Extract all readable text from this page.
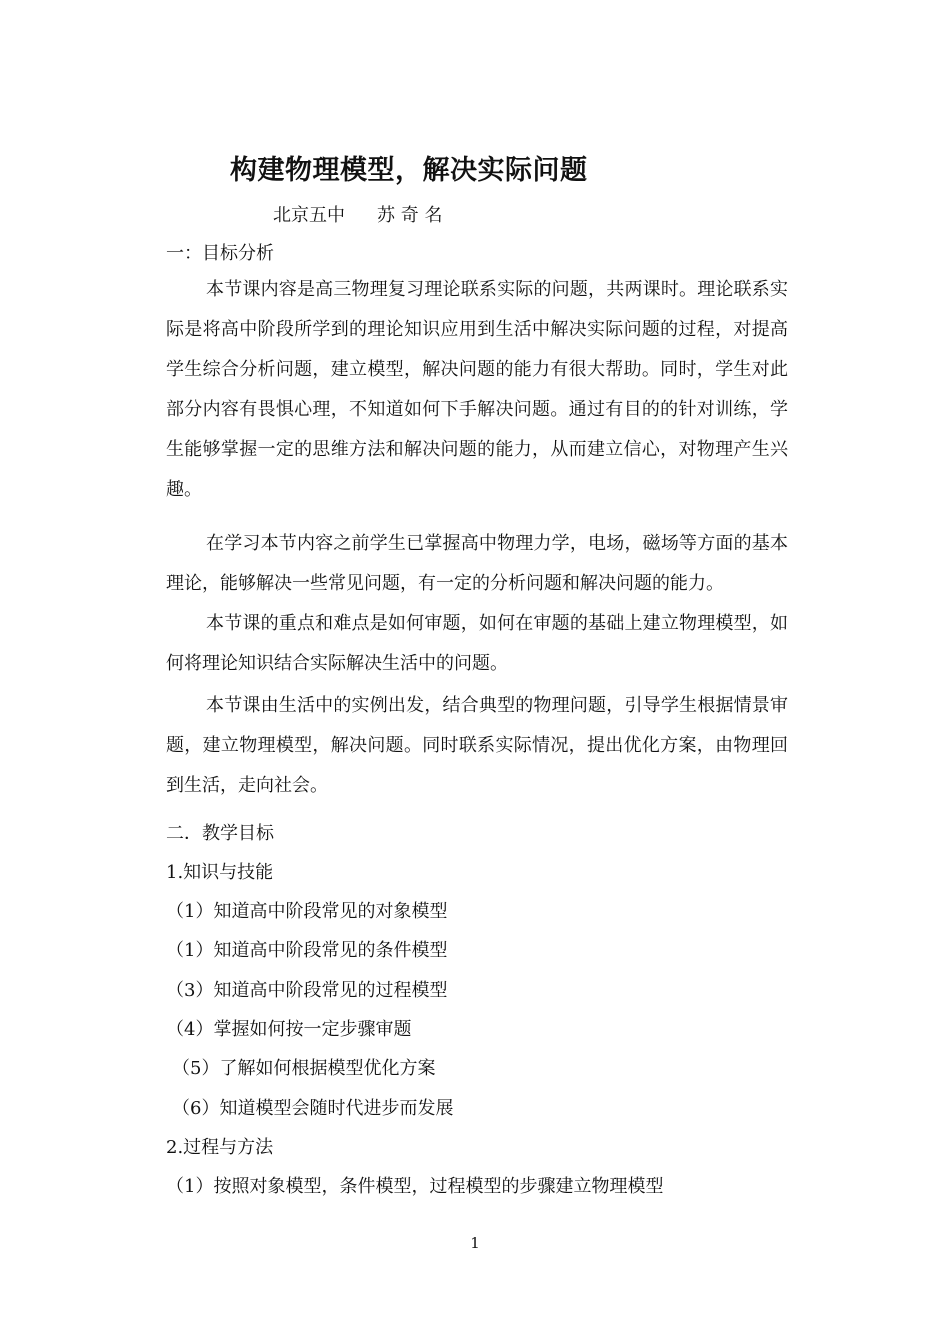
构建物理模型，解决实际问题
北京五中 苏 奇 名
一：目标分析
本节课内容是高三物理复习理论联系实际的问题，共两课时。理论联系实际是将高中阶段所学到的理论知识应用到生活中解决实际问题的过程，对提高学生综合分析问题，建立模型，解决问题的能力有很大帮助。同时，学生对此部分内容有畏惧心理，不知道如何下手解决问题。通过有目的的针对训练，学生能够掌握一定的思维方法和解决问题的能力，从而建立信心，对物理产生兴趣。
在学习本节内容之前学生已掌握高中物理力学，电场，磁场等方面的基本理论，能够解决一些常见问题，有一定的分析问题和解决问题的能力。
本节课的重点和难点是如何审题，如何在审题的基础上建立物理模型，如何将理论知识结合实际解决生活中的问题。
本节课由生活中的实例出发，结合典型的物理问题，引导学生根据情景审题，建立物理模型，解决问题。同时联系实际情况，提出优化方案，由物理回到生活，走向社会。
二．教学目标
1.知识与技能
（1）知道高中阶段常见的对象模型
（1）知道高中阶段常见的条件模型
（3）知道高中阶段常见的过程模型
（4）掌握如何按一定步骤审题
（5）了解如何根据模型优化方案
（6）知道模型会随时代进步而发展
2.过程与方法
（1）按照对象模型，条件模型，过程模型的步骤建立物理模型
1
